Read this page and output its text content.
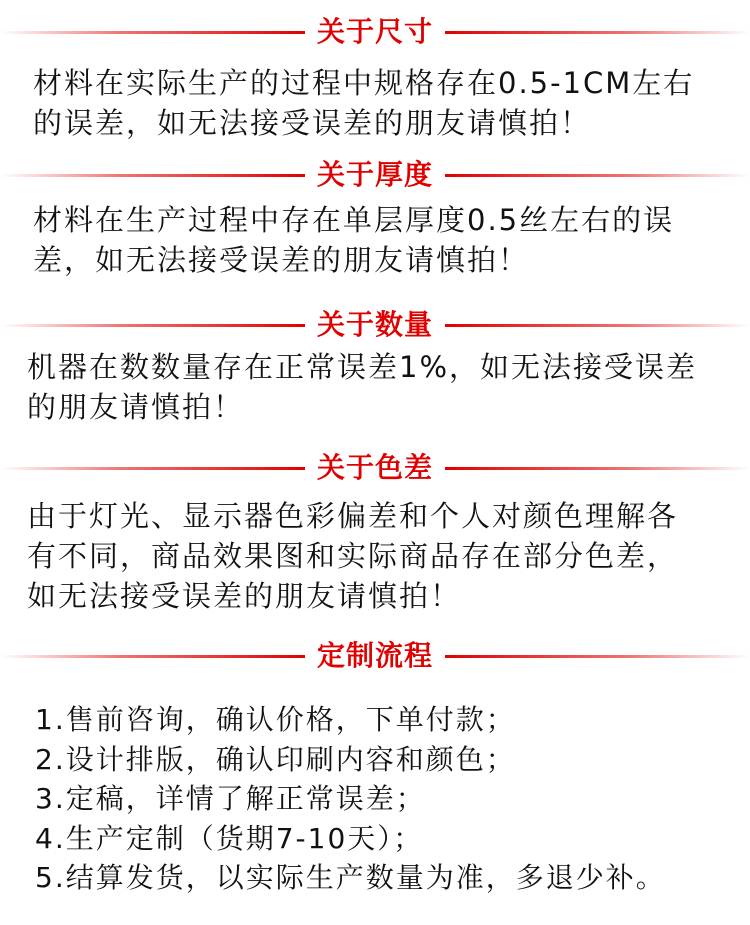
关于尺寸

材料在实际生产的过程中规格存在0.5-1CM左右
的误差，如无法接受误差的朋友请慎拍！

关于厚度

材料在生产过程中存在单层厚度0.5丝左右的误
差，如无法接受误差的朋友请慎拍！

关于数量

机器在数数量存在正常误差1%，如无法接受误差
的朋友请慎拍！

关于色差

由于灯光、显示器色彩偏差和个人对颜色理解各
有不同，商品效果图和实际商品存在部分色差，
如无法接受误差的朋友请慎拍！

定制流程
1.售前咨询，确认价格，下单付款；
2.设计排版，确认印刷内容和颜色；
3.定稿，详情了解正常误差；
4.生产定制（货期7-10天）；
5.结算发货，以实际生产数量为准，多退少补。
